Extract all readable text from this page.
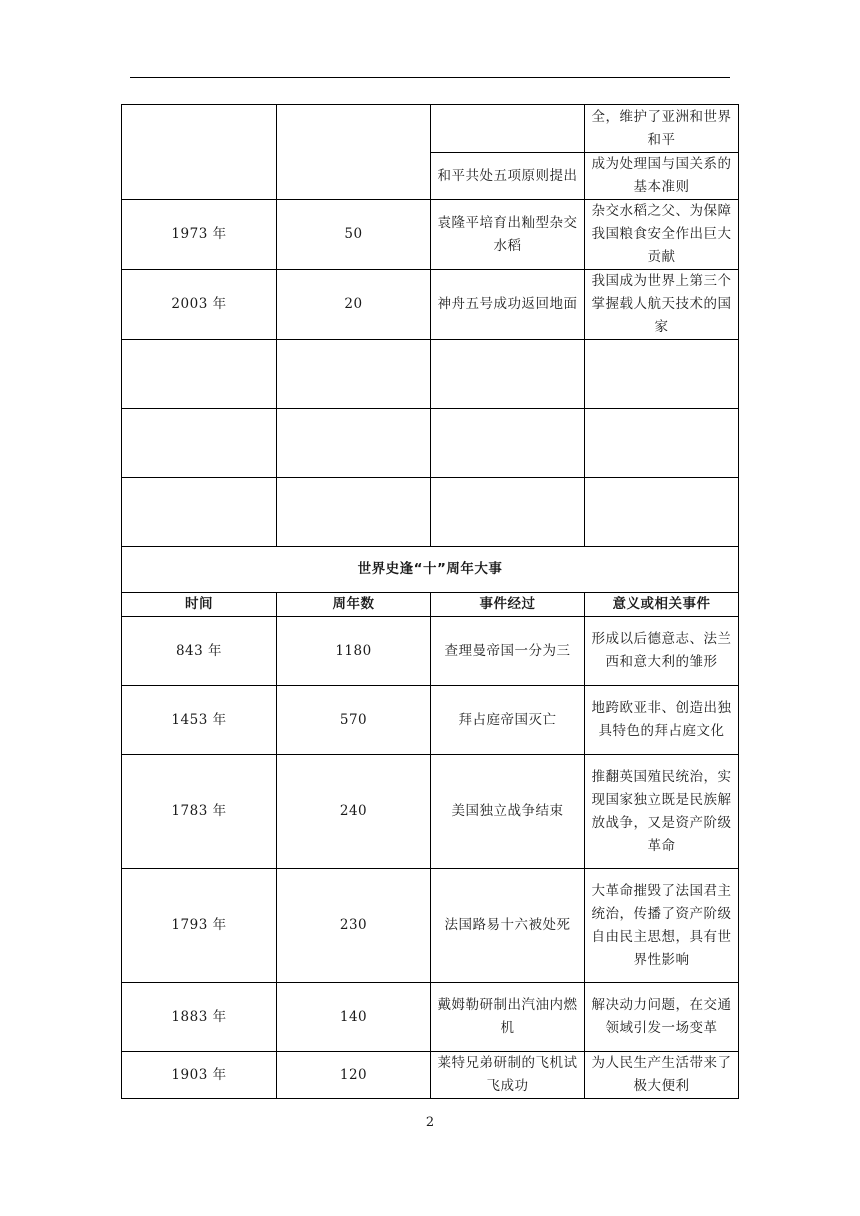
			全，维护了亚洲和世界和平
		和平共处五项原则提出	成为处理国与国关系的基本准则
1973 年	50	袁隆平培育出籼型杂交水稻	杂交水稻之父、为保障我国粮食安全作出巨大贡献
2003 年	20	神舟五号成功返回地面	我国成为世界上第三个掌握载人航天技术的国家

世界史逢“十”周年大事			
时间	周年数	事件经过	意义或相关事件
843 年	1180	查理曼帝国一分为三	形成以后德意志、法兰西和意大利的雏形
1453 年	570	拜占庭帝国灭亡	地跨欧亚非、创造出独具特色的拜占庭文化
1783 年	240	美国独立战争结束	推翻英国殖民统治，实现国家独立既是民族解放战争，又是资产阶级革命
1793 年	230	法国路易十六被处死	大革命摧毁了法国君主统治，传播了资产阶级自由民主思想，具有世界性影响
1883 年	140	戴姆勒研制出汽油内燃机	解决动力问题，在交通领域引发一场变革
1903 年	120	莱特兄弟研制的飞机试飞成功	为人民生产生活带来了极大便利
2
